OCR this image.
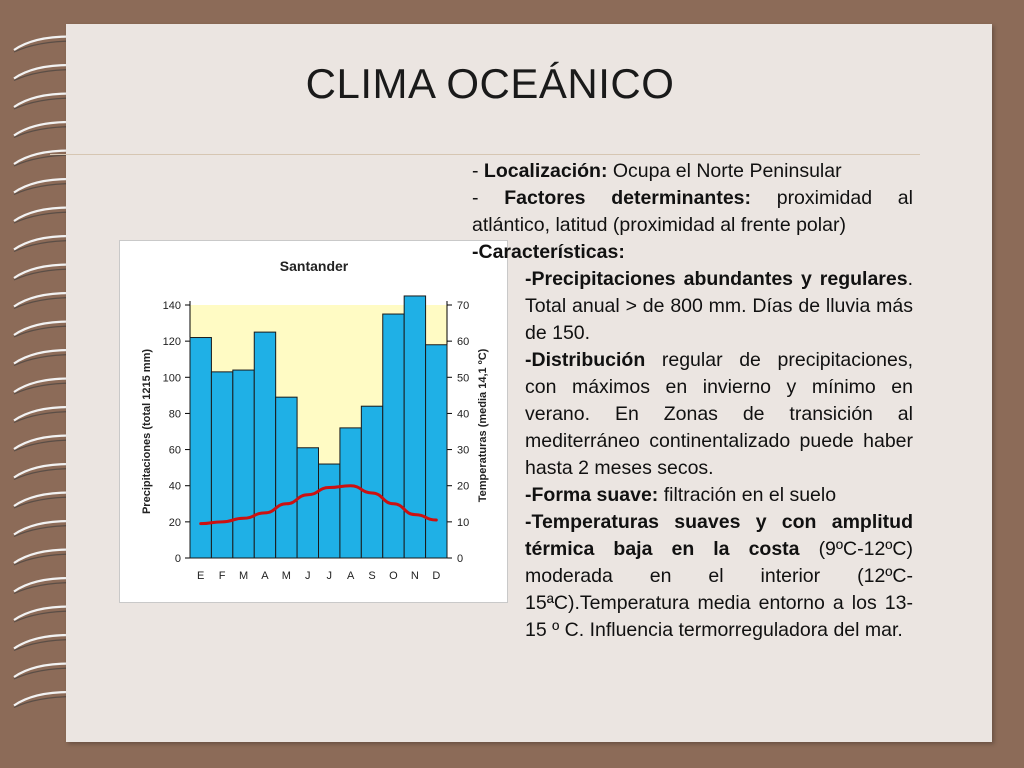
CLIMA OCEÁNICO
Santander
0
20
40
60
80
100
120
140
0
10
20
30
40
50
60
70
E F M A M J J A S O N D
Precipitaciones (total 1215 mm)	Temperaturas (media 14,1 ºC)
- Localización: Ocupa el Norte Peninsular
- Factores determinantes: proximidad al atlántico, latitud (proximidad al frente polar)
-Características:
-Precipitaciones abundantes y regulares. Total anual > de 800 mm. Días de lluvia más de 150.
-Distribución regular de precipitaciones, con máximos en invierno y mínimo en verano. En Zonas de transición al mediterráneo continentalizado puede haber hasta 2 meses secos.
-Forma suave: filtración en el suelo
-Temperaturas suaves y con amplitud térmica baja en la costa (9ºC-12ºC) moderada en el interior (12ºC-15ªC).Temperatura media entorno a los 13-15 º C. Influencia termorreguladora del mar.
